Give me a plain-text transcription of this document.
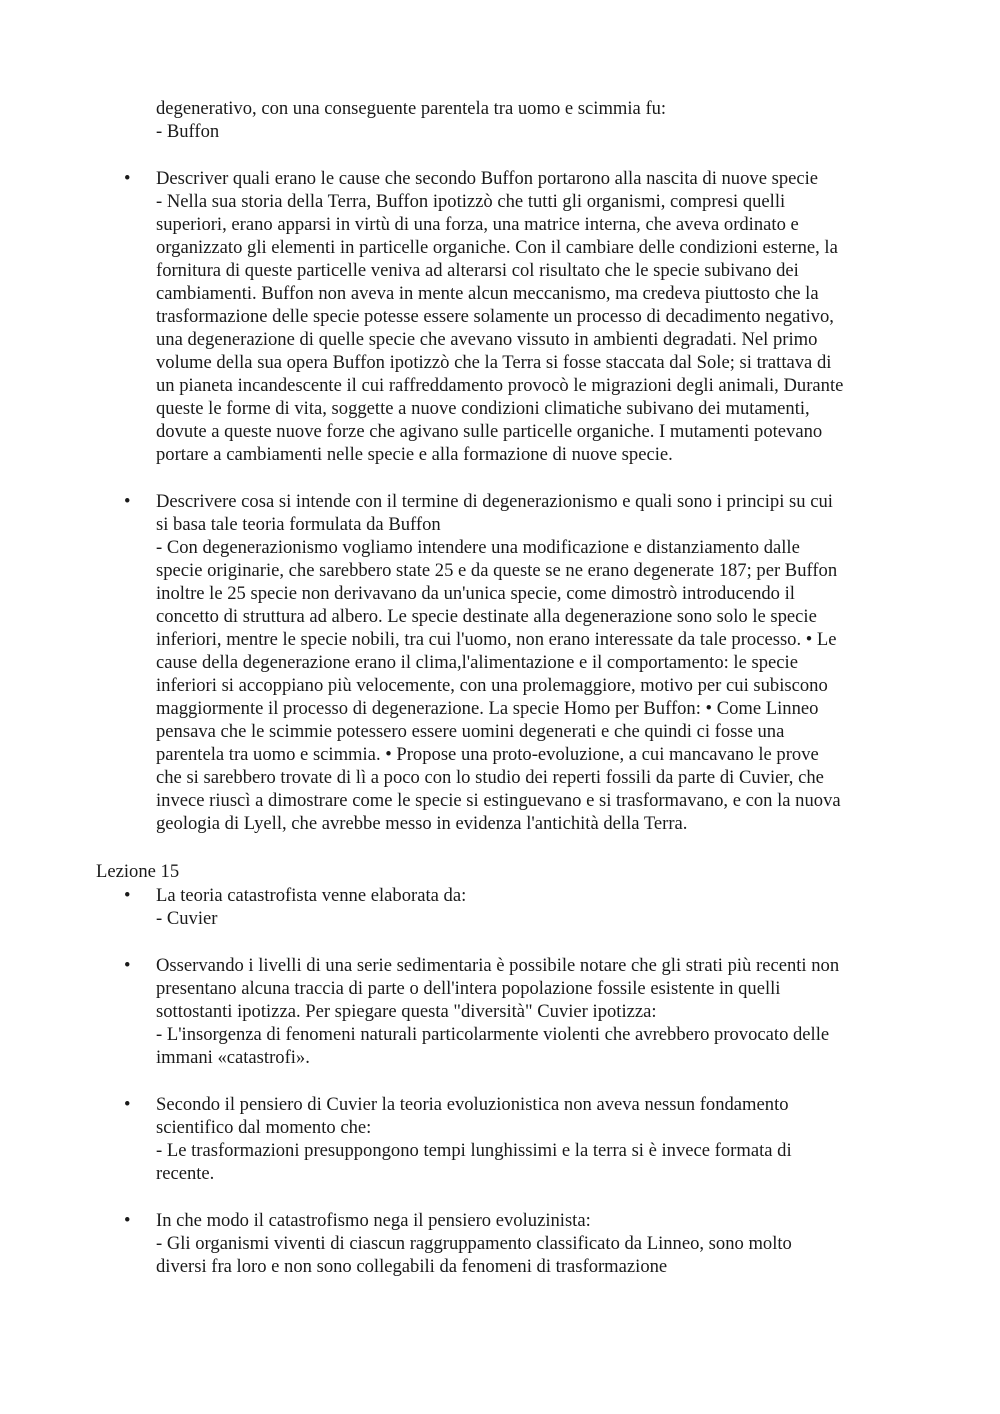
degenerativo, con una conseguente parentela tra uomo e scimmia fu:
- Buffon
• Descriver quali erano le cause che secondo Buffon portarono alla nascita di nuove specie
- Nella sua storia della Terra, Buffon ipotizzò che tutti gli organismi, compresi quelli
superiori, erano apparsi in virtù di una forza, una matrice interna, che aveva ordinato e
organizzato gli elementi in particelle organiche. Con il cambiare delle condizioni esterne, la
fornitura di queste particelle veniva ad alterarsi col risultato che le specie subivano dei
cambiamenti. Buffon non aveva in mente alcun meccanismo, ma credeva piuttosto che la
trasformazione delle specie potesse essere solamente un processo di decadimento negativo,
una degenerazione di quelle specie che avevano vissuto in ambienti degradati. Nel primo
volume della sua opera Buffon ipotizzò che la Terra si fosse staccata dal Sole; si trattava di
un pianeta incandescente il cui raffreddamento provocò le migrazioni degli animali, Durante
queste le forme di vita, soggette a nuove condizioni climatiche subivano dei mutamenti,
dovute a queste nuove forze che agivano sulle particelle organiche. I mutamenti potevano
portare a cambiamenti nelle specie e alla formazione di nuove specie.
• Descrivere cosa si intende con il termine di degenerazionismo e quali sono i principi su cui
si basa tale teoria formulata da Buffon
- Con degenerazionismo vogliamo intendere una modificazione e distanziamento dalle
specie originarie, che sarebbero state 25 e da queste se ne erano degenerate 187; per Buffon
inoltre le 25 specie non derivavano da un'unica specie, come dimostrò introducendo il
concetto di struttura ad albero. Le specie destinate alla degenerazione sono solo le specie
inferiori, mentre le specie nobili, tra cui l'uomo, non erano interessate da tale processo. • Le
cause della degenerazione erano il clima,l'alimentazione e il comportamento: le specie
inferiori si accoppiano più velocemente, con una prolemaggiore, motivo per cui subiscono
maggiormente il processo di degenerazione. La specie Homo per Buffon: • Come Linneo
pensava che le scimmie potessero essere uomini degenerati e che quindi ci fosse una
parentela tra uomo e scimmia. • Propose una proto-evoluzione, a cui mancavano le prove
che si sarebbero trovate di lì a poco con lo studio dei reperti fossili da parte di Cuvier, che
invece riuscì a dimostrare come le specie si estinguevano e si trasformavano, e con la nuova
geologia di Lyell, che avrebbe messo in evidenza l'antichità della Terra.
Lezione 15
• La teoria catastrofista venne elaborata da:
- Cuvier
• Osservando i livelli di una serie sedimentaria è possibile notare che gli strati più recenti non
presentano alcuna traccia di parte o dell'intera popolazione fossile esistente in quelli
sottostanti ipotizza. Per spiegare questa "diversità" Cuvier ipotizza:
- L'insorgenza di fenomeni naturali particolarmente violenti che avrebbero provocato delle
immani «catastrofi».
• Secondo il pensiero di Cuvier la teoria evoluzionistica non aveva nessun fondamento
scientifico dal momento che:
- Le trasformazioni presuppongono tempi lunghissimi e la terra si è invece formata di
recente.
• In che modo il catastrofismo nega il pensiero evoluzinista:
- Gli organismi viventi di ciascun raggruppamento classificato da Linneo, sono molto
diversi fra loro e non sono collegabili da fenomeni di trasformazione
